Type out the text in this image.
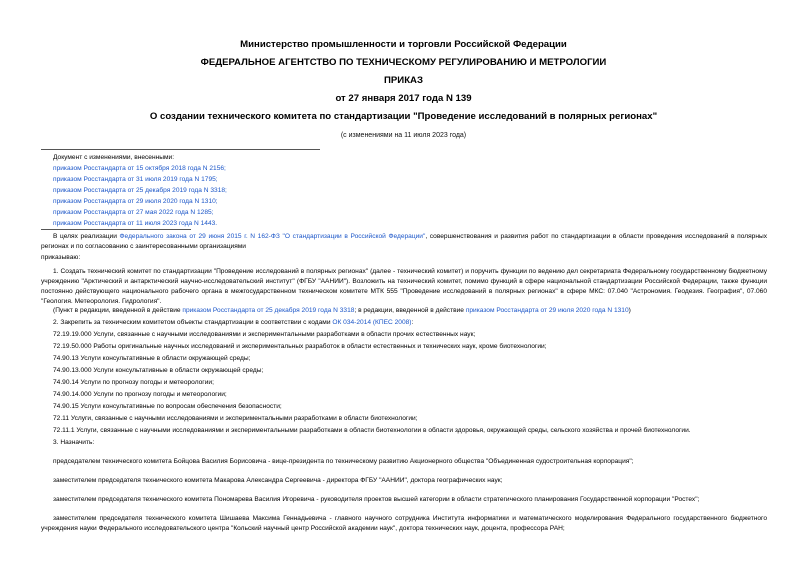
Министерство промышленности и торговли Российской Федерации
ФЕДЕРАЛЬНОЕ АГЕНТСТВО ПО ТЕХНИЧЕСКОМУ РЕГУЛИРОВАНИЮ И МЕТРОЛОГИИ
ПРИКАЗ
от 27 января 2017 года N 139
О создании технического комитета по стандартизации "Проведение исследований в полярных регионах"
(с изменениями на 11 июля 2023 года)
Документ с изменениями, внесенными:
приказом Росстандарта от 15 октября 2018 года N 2156;
приказом Росстандарта от 31 июля 2019 года N 1795;
приказом Росстандарта от 25 декабря 2019 года N 3318;
приказом Росстандарта от 29 июля 2020 года N 1310;
приказом Росстандарта от 27 мая 2022 года N 1285;
приказом Росстандарта от 11 июля 2023 года N 1443.
В целях реализации Федерального закона от 29 июня 2015 г. N 162-ФЗ "О стандартизации в Российской Федерации", совершенствования и развития работ по стандартизации в области проведения исследований в полярных регионах и по согласованию с заинтересованными организациями
приказываю:
1. Создать технический комитет по стандартизации "Проведение исследований в полярных регионах" (далее - технический комитет) и поручить функции по ведению дел секретариата Федеральному государственному бюджетному учреждению "Арктический и антарктический научно-исследовательский институт" (ФГБУ "ААНИИ"). Возложить на технический комитет, помимо функций в сфере национальной стандартизации Российской Федерации, также функции постоянно действующего национального рабочего органа в межгосударственном техническом комитете МТК 555 "Проведение исследований в полярных регионах" в сфере МКС: 07.040 "Астрономия. Геодезия. География", 07.060 "Геология. Метеорология. Гидрология".
(Пункт в редакции, введенной в действие приказом Росстандарта от 25 декабря 2019 года N 3318; в редакции, введенной в действие приказом Росстандарта от 29 июля 2020 года N 1310)
2. Закрепить за техническим комитетом объекты стандартизации в соответствии с кодами ОК 034-2014 (КПЕС 2008):
72.19.19.000 Услуги, связанные с научными исследованиями и экспериментальными разработками в области прочих естественных наук;
72.19.50.000 Работы оригинальные научных исследований и экспериментальных разработок в области естественных и технических наук, кроме биотехнологии;
74.90.13 Услуги консультативные в области окружающей среды;
74.90.13.000 Услуги консультативные в области окружающей среды;
74.90.14 Услуги по прогнозу погоды и метеорологии;
74.90.14.000 Услуги по прогнозу погоды и метеорологии;
74.90.15 Услуги консультативные по вопросам обеспечения безопасности;
72.11 Услуги, связанные с научными исследованиями и экспериментальными разработками в области биотехнологии;
72.11.1 Услуги, связанные с научными исследованиями и экспериментальными разработками в области биотехнологии в области здоровья, окружающей среды, сельского хозяйства и прочей биотехнологии.
3. Назначить:
председателем технического комитета Бойцова Василия Борисовича - вице-президента по техническому развитию Акционерного общества "Объединенная судостроительная корпорация";
заместителем председателя технического комитета Макарова Александра Сергеевича - директора ФГБУ "ААНИИ", доктора географических наук;
заместителем председателя технического комитета Пономарева Василия Игоревича - руководителя проектов высшей категории в области стратегического планирования Государственной корпорации "Ростех";
заместителем председателя технического комитета Шишаева Максима Геннадьевича - главного научного сотрудника Института информатики и математического моделирования Федерального государственного бюджетного учреждения науки Федерального исследовательского центра "Кольский научный центр Российской академии наук", доктора технических наук, доцента, профессора РАН;
